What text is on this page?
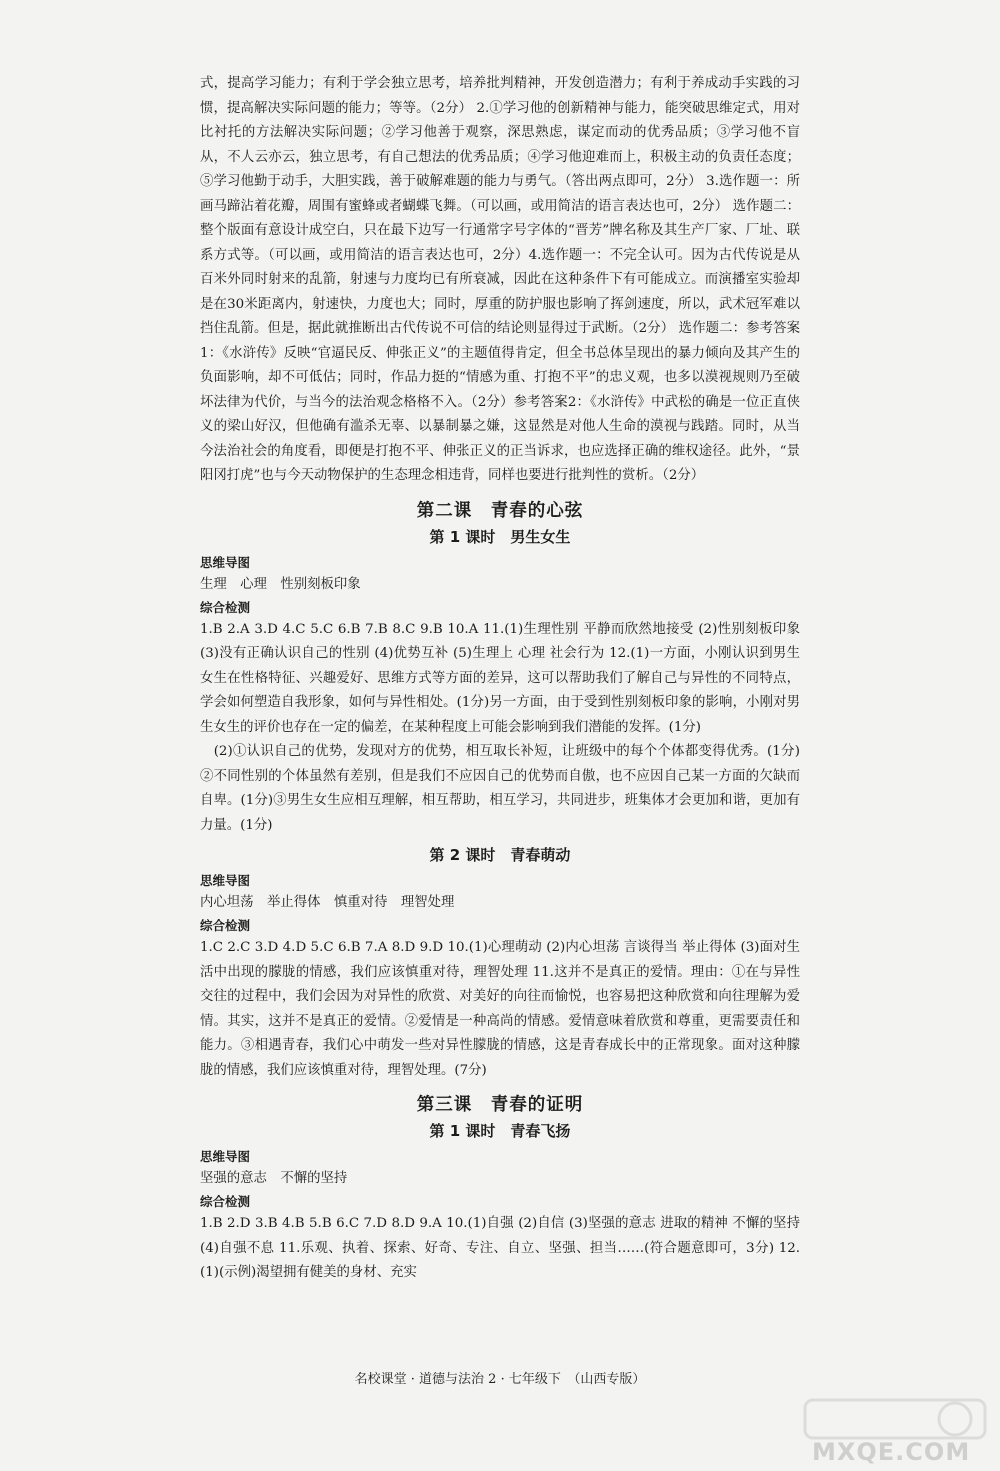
式，提高学习能力；有利于学会独立思考，培养批判精神，开发创造潜力；有利于养成动手实践的习惯，提高解决实际问题的能力；等等。（2分） 2.①学习他的创新精神与能力，能突破思维定式，用对比衬托的方法解决实际问题；②学习他善于观察，深思熟虑，谋定而动的优秀品质；③学习他不盲从，不人云亦云，独立思考，有自己想法的优秀品质；④学习他迎难而上，积极主动的负责任态度；⑤学习他勤于动手，大胆实践，善于破解难题的能力与勇气。（答出两点即可，2分） 3.选作题一：所画马蹄沾着花瓣，周围有蜜蜂或者蝴蝶飞舞。（可以画，或用简洁的语言表达也可，2分） 选作题二：整个版面有意设计成空白，只在最下边写一行通常字号字体的“晋芳”牌名称及其生产厂家、厂址、联系方式等。（可以画，或用简洁的语言表达也可，2分）4.选作题一：不完全认可。因为古代传说是从百米外同时射来的乱箭，射速与力度均已有所衰减，因此在这种条件下有可能成立。而演播室实验却是在30米距离内，射速快，力度也大；同时，厚重的防护服也影响了挥剑速度，所以，武术冠军难以挡住乱箭。但是，据此就推断出古代传说不可信的结论则显得过于武断。（2分） 选作题二：参考答案1：《水浒传》反映“官逼民反、伸张正义”的主题值得肯定，但全书总体呈现出的暴力倾向及其产生的负面影响，却不可低估；同时，作品力挺的“情感为重、打抱不平”的忠义观，也多以漠视规则乃至破坏法律为代价，与当今的法治观念格格不入。（2分）参考答案2：《水浒传》中武松的确是一位正直侠义的梁山好汉，但他确有滥杀无辜、以暴制暴之嫌，这显然是对他人生命的漠视与践踏。同时，从当今法治社会的角度看，即便是打抱不平、伸张正义的正当诉求，也应选择正确的维权途径。此外，“景阳冈打虎”也与今天动物保护的生态理念相违背，同样也要进行批判性的赏析。（2分）

第二课　青春的心弦
第 1 课时　男生女生
思维导图
生理　心理　性别刻板印象
综合检测

1.B 2.A 3.D 4.C 5.C 6.B 7.B 8.C 9.B 10.A 11.(1)生理性别 平静而欣然地接受 (2)性别刻板印象 (3)没有正确认识自己的性别 (4)优势互补 (5)生理上 心理 社会行为 12.(1)一方面，小刚认识到男生女生在性格特征、兴趣爱好、思维方式等方面的差异，这可以帮助我们了解自己与异性的不同特点，学会如何塑造自我形象，如何与异性相处。(1分)另一方面，由于受到性别刻板印象的影响，小刚对男生女生的评价也存在一定的偏差，在某种程度上可能会影响到我们潜能的发挥。(1分)
　(2)①认识自己的优势，发现对方的优势，相互取长补短，让班级中的每个个体都变得优秀。(1分)②不同性别的个体虽然有差别，但是我们不应因自己的优势而自傲，也不应因自己某一方面的欠缺而自卑。(1分)③男生女生应相互理解，相互帮助，相互学习，共同进步，班集体才会更加和谐，更加有力量。(1分)

第 2 课时　青春萌动
思维导图
内心坦荡　举止得体　慎重对待　理智处理
综合检测

1.C 2.C 3.D 4.D 5.C 6.B 7.A 8.D 9.D 10.(1)心理萌动 (2)内心坦荡 言谈得当 举止得体 (3)面对生活中出现的朦胧的情感，我们应该慎重对待，理智处理 11.这并不是真正的爱情。理由：①在与异性交往的过程中，我们会因为对异性的欣赏、对美好的向往而愉悦，也容易把这种欣赏和向往理解为爱情。其实，这并不是真正的爱情。②爱情是一种高尚的情感。爱情意味着欣赏和尊重，更需要责任和能力。③相遇青春，我们心中萌发一些对异性朦胧的情感，这是青春成长中的正常现象。面对这种朦胧的情感，我们应该慎重对待，理智处理。(7分)

第三课　青春的证明
第 1 课时　青春飞扬
思维导图
坚强的意志　不懈的坚持
综合检测

1.B 2.D 3.B 4.B 5.B 6.C 7.D 8.D 9.A 10.(1)自强 (2)自信 (3)坚强的意志 进取的精神 不懈的坚持 (4)自强不息 11.乐观、执着、探索、好奇、专注、自立、坚强、担当……(符合题意即可，3分) 12.(1)(示例)渴望拥有健美的身材、充实

名校课堂 · 道德与法治 2 · 七年级下　（山西专版）
MXQE.COM
